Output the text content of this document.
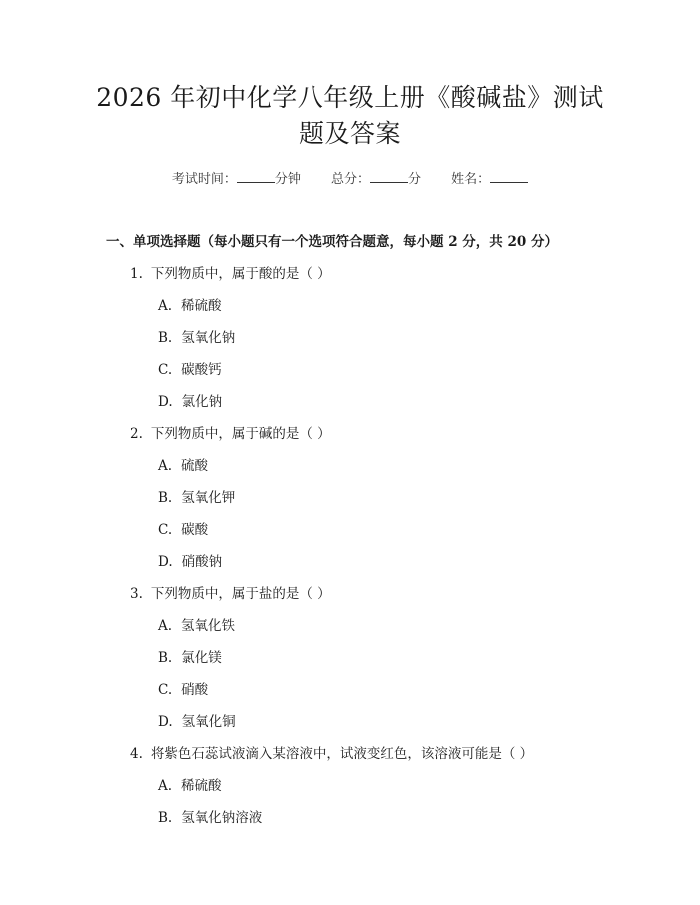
2026 年初中化学八年级上册《酸碱盐》测试
题及答案
考试时间：	分钟 总分：	分 姓名：
一、单项选择题（每小题只有一个选项符合题意，每小题 2 分，共 20 分）
1. 下列物质中，属于酸的是（ ）
A. 稀硫酸
B. 氢氧化钠
C. 碳酸钙
D. 氯化钠
2. 下列物质中，属于碱的是（ ）
A. 硫酸
B. 氢氧化钾
C. 碳酸
D. 硝酸钠
3. 下列物质中，属于盐的是（ ）
A. 氢氧化铁
B. 氯化镁
C. 硝酸
D. 氢氧化铜
4. 将紫色石蕊试液滴入某溶液中，试液变红色，该溶液可能是（ ）
A. 稀硫酸
B. 氢氧化钠溶液
